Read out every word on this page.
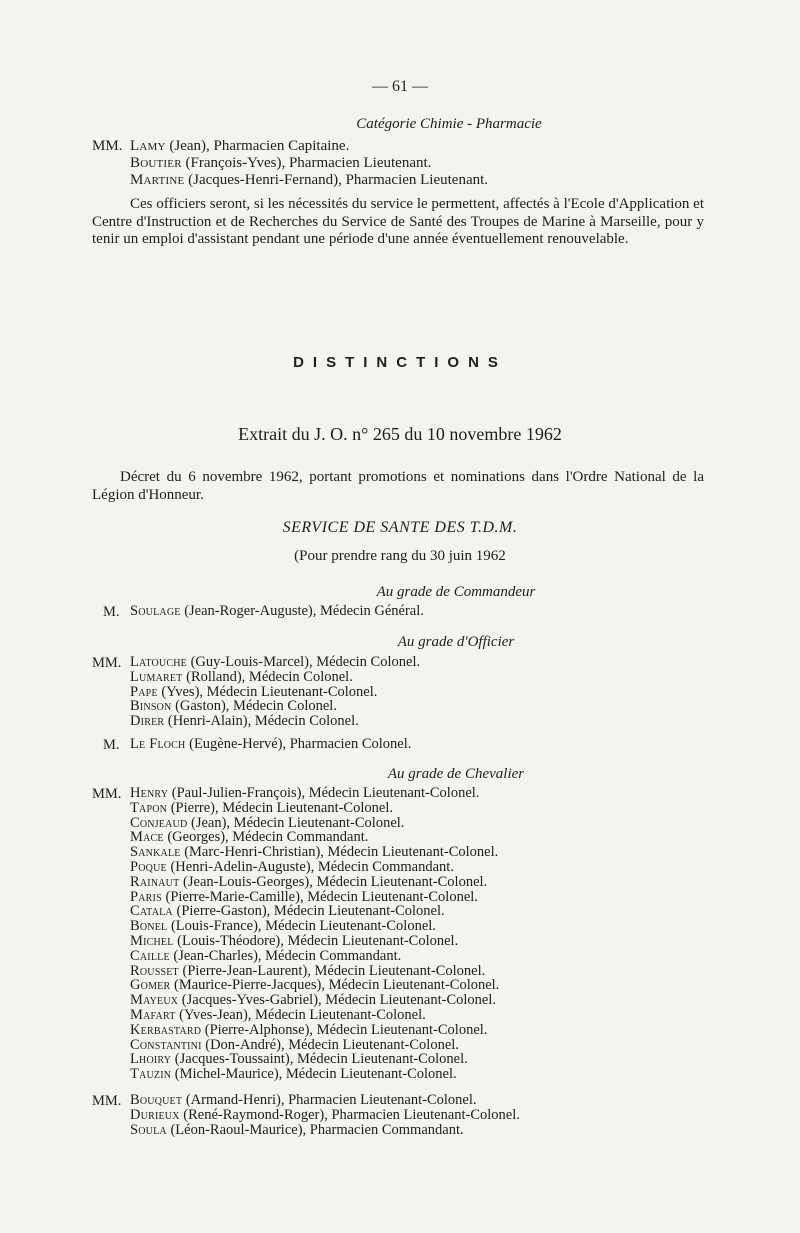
— 61 —
Catégorie Chimie - Pharmacie
MM. Lamy (Jean), Pharmacien Capitaine.
Boutier (François-Yves), Pharmacien Lieutenant.
Martine (Jacques-Henri-Fernand), Pharmacien Lieutenant.
Ces officiers seront, si les nécessités du service le permettent, affectés à l'Ecole d'Application et Centre d'Instruction et de Recherches du Service de Santé des Troupes de Marine à Marseille, pour y tenir un emploi d'assistant pendant une période d'une année éventuellement renouvelable.
DISTINCTIONS
Extrait du J. O. n° 265 du 10 novembre 1962
Décret du 6 novembre 1962, portant promotions et nominations dans l'Ordre National de la Légion d'Honneur.
SERVICE DE SANTE DES T.D.M.
(Pour prendre rang du 30 juin 1962
Au grade de Commandeur
M. Soulage (Jean-Roger-Auguste), Médecin Général.
Au grade d'Officier
MM. Latouche (Guy-Louis-Marcel), Médecin Colonel.
Lumaret (Rolland), Médecin Colonel.
Pape (Yves), Médecin Lieutenant-Colonel.
Binson (Gaston), Médecin Colonel.
Direr (Henri-Alain), Médecin Colonel.
M. Le Floch (Eugène-Hervé), Pharmacien Colonel.
Au grade de Chevalier
MM. Henry (Paul-Julien-François), Médecin Lieutenant-Colonel.
Tapon (Pierre), Médecin Lieutenant-Colonel.
Conjeaud (Jean), Médecin Lieutenant-Colonel.
Mace (Georges), Médecin Commandant.
Sankale (Marc-Henri-Christian), Médecin Lieutenant-Colonel.
Poque (Henri-Adelin-Auguste), Médecin Commandant.
Rainaut (Jean-Louis-Georges), Médecin Lieutenant-Colonel.
Paris (Pierre-Marie-Camille), Médecin Lieutenant-Colonel.
Catala (Pierre-Gaston), Médecin Lieutenant-Colonel.
Bonel (Louis-France), Médecin Lieutenant-Colonel.
Michel (Louis-Théodore), Médecin Lieutenant-Colonel.
Caille (Jean-Charles), Médecin Commandant.
Rousset (Pierre-Jean-Laurent), Médecin Lieutenant-Colonel.
Gomer (Maurice-Pierre-Jacques), Médecin Lieutenant-Colonel.
Mayeux (Jacques-Yves-Gabriel), Médecin Lieutenant-Colonel.
Mafart (Yves-Jean), Médecin Lieutenant-Colonel.
Kerbastard (Pierre-Alphonse), Médecin Lieutenant-Colonel.
Constantini (Don-André), Médecin Lieutenant-Colonel.
Lhoiry (Jacques-Toussaint), Médecin Lieutenant-Colonel.
Tauzin (Michel-Maurice), Médecin Lieutenant-Colonel.
MM. Bouquet (Armand-Henri), Pharmacien Lieutenant-Colonel.
Durieux (René-Raymond-Roger), Pharmacien Lieutenant-Colonel.
Soula (Léon-Raoul-Maurice), Pharmacien Commandant.
